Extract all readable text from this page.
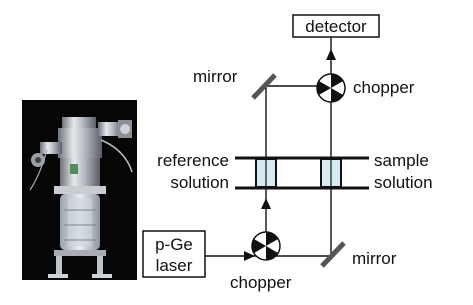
detector
mirror
chopper
reference
solution
sample
solution
p-Ge
laser
chopper
mirror
